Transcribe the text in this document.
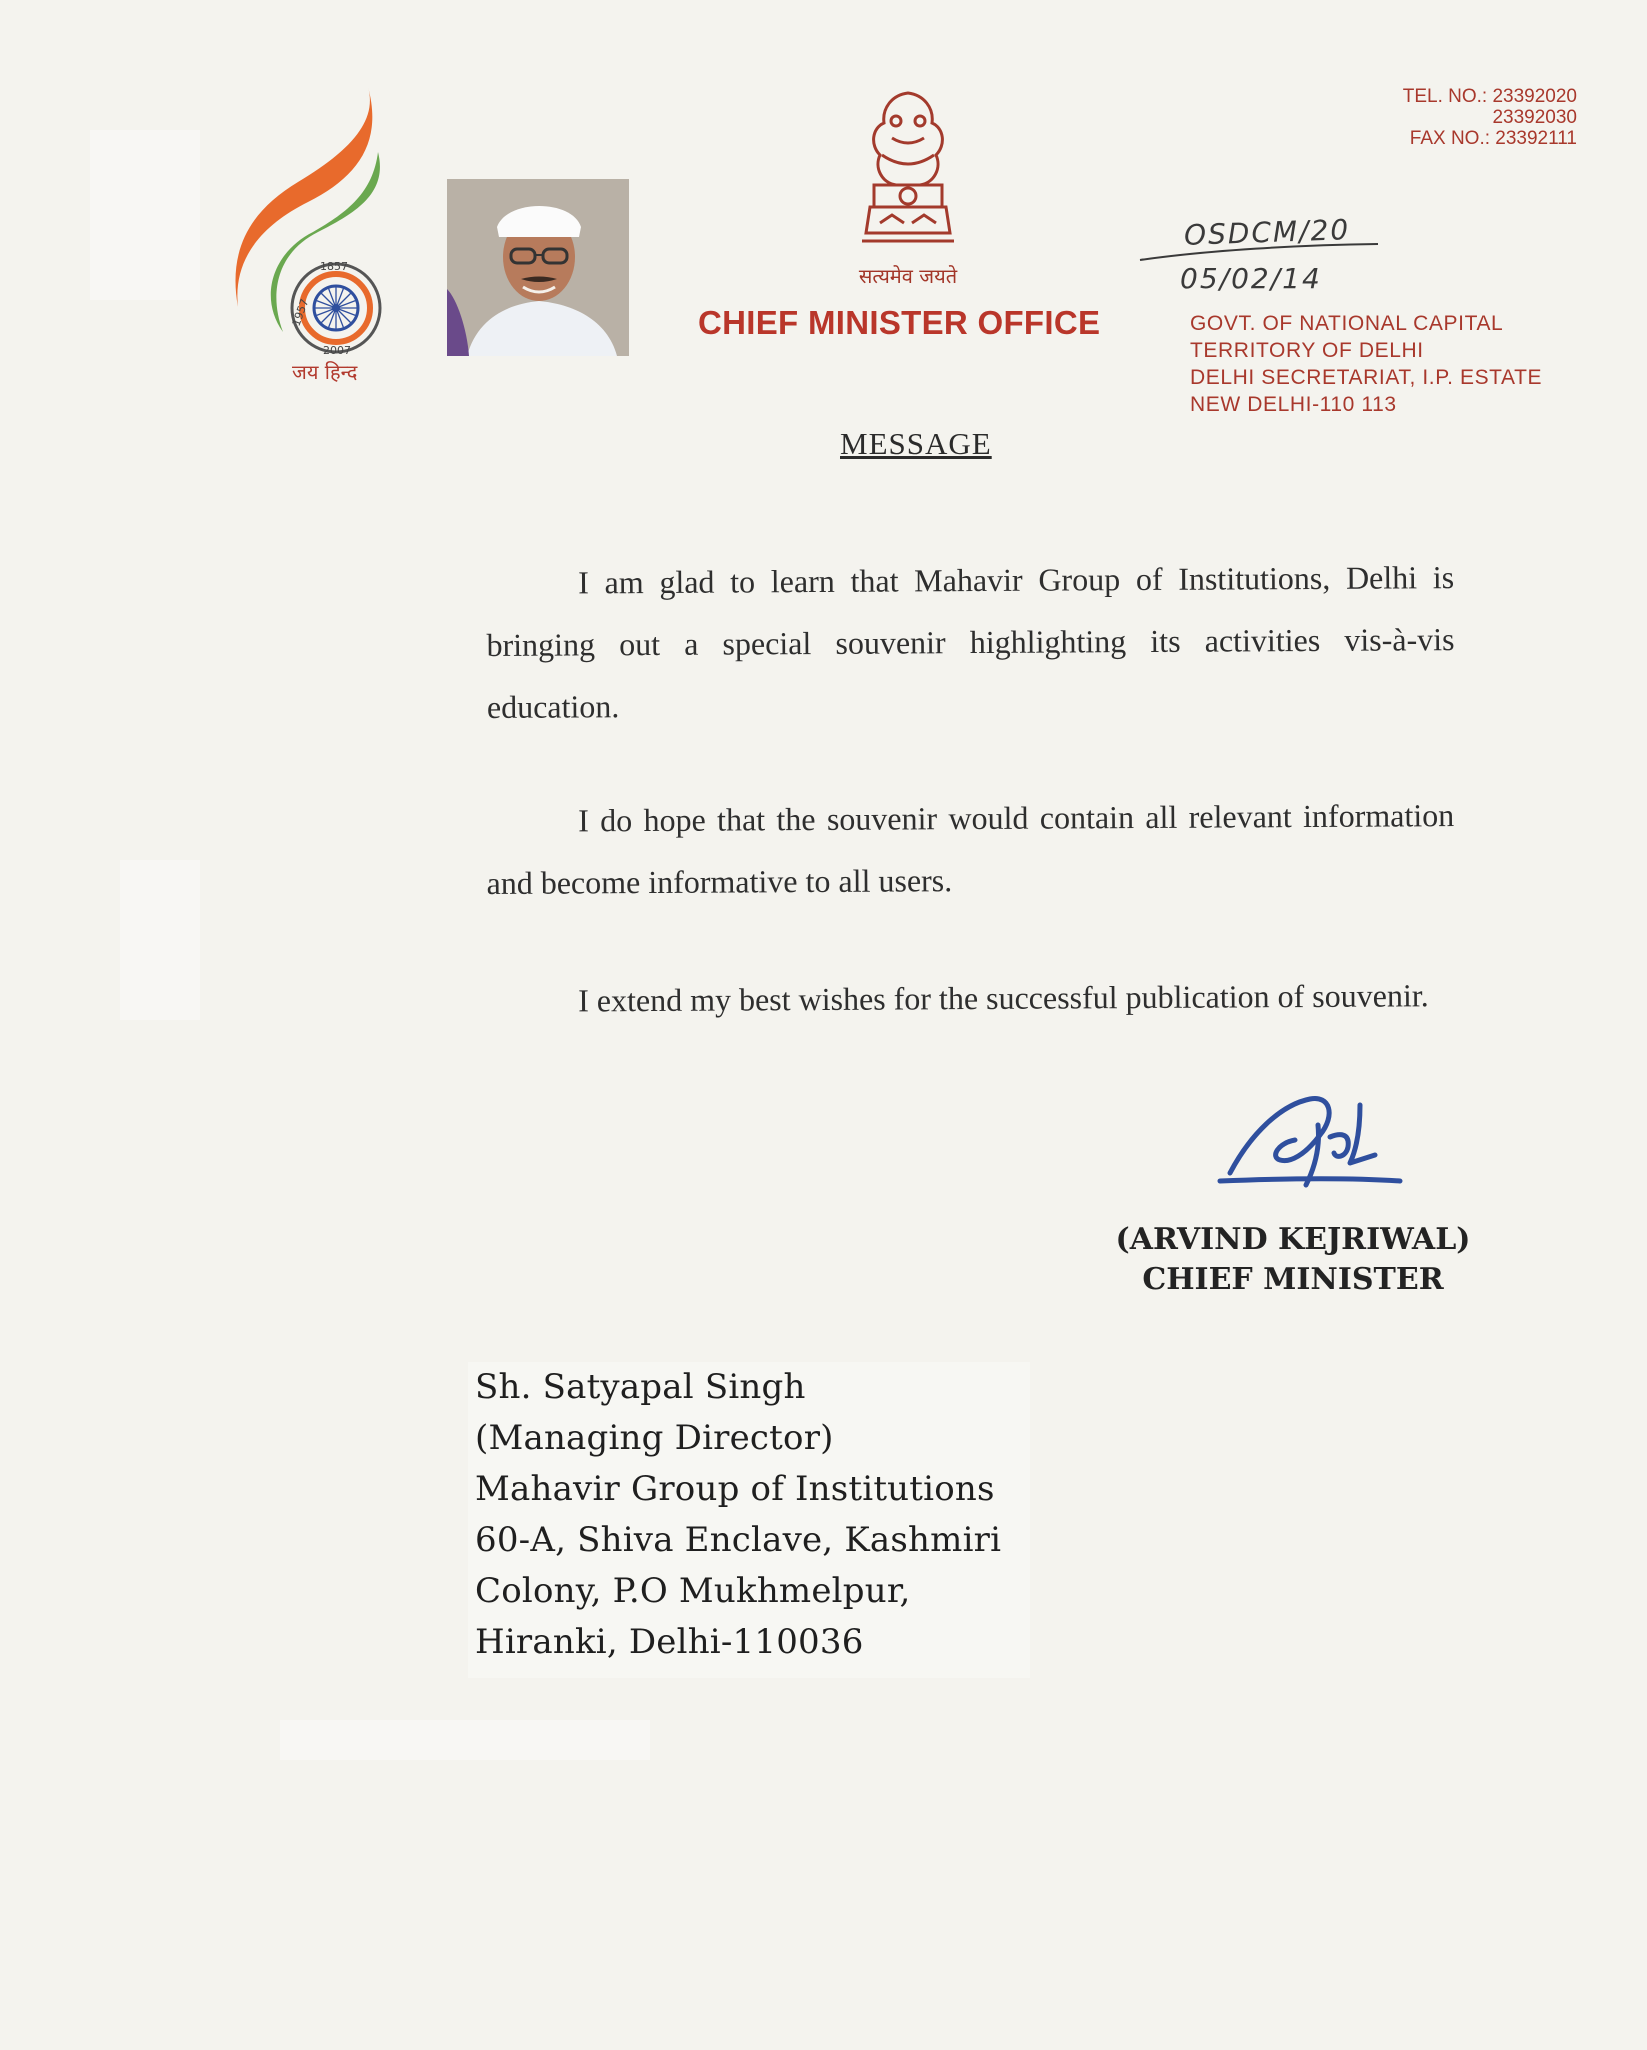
1857
1957
2007
जय हिन्द
सत्यमेव जयते
CHIEF MINISTER OFFICE
TEL. NO.: 23392020
23392030
FAX NO.: 23392111
OSDCM/20
05/02/14
GOVT. OF NATIONAL CAPITAL
TERRITORY OF DELHI
DELHI SECRETARIAT, I.P. ESTATE
NEW DELHI-110 113
MESSAGE
I am glad to learn that Mahavir Group of Institutions, Delhi is bringing out a special souvenir highlighting its activities vis-à-vis education.
I do hope that the souvenir would contain all relevant information and become informative to all users.
I extend my best wishes for the successful publication of souvenir.
(ARVIND KEJRIWAL)
CHIEF MINISTER
Sh. Satyapal Singh
(Managing Director)
Mahavir Group of Institutions
60-A, Shiva Enclave, Kashmiri
Colony, P.O Mukhmelpur,
Hiranki, Delhi-110036
